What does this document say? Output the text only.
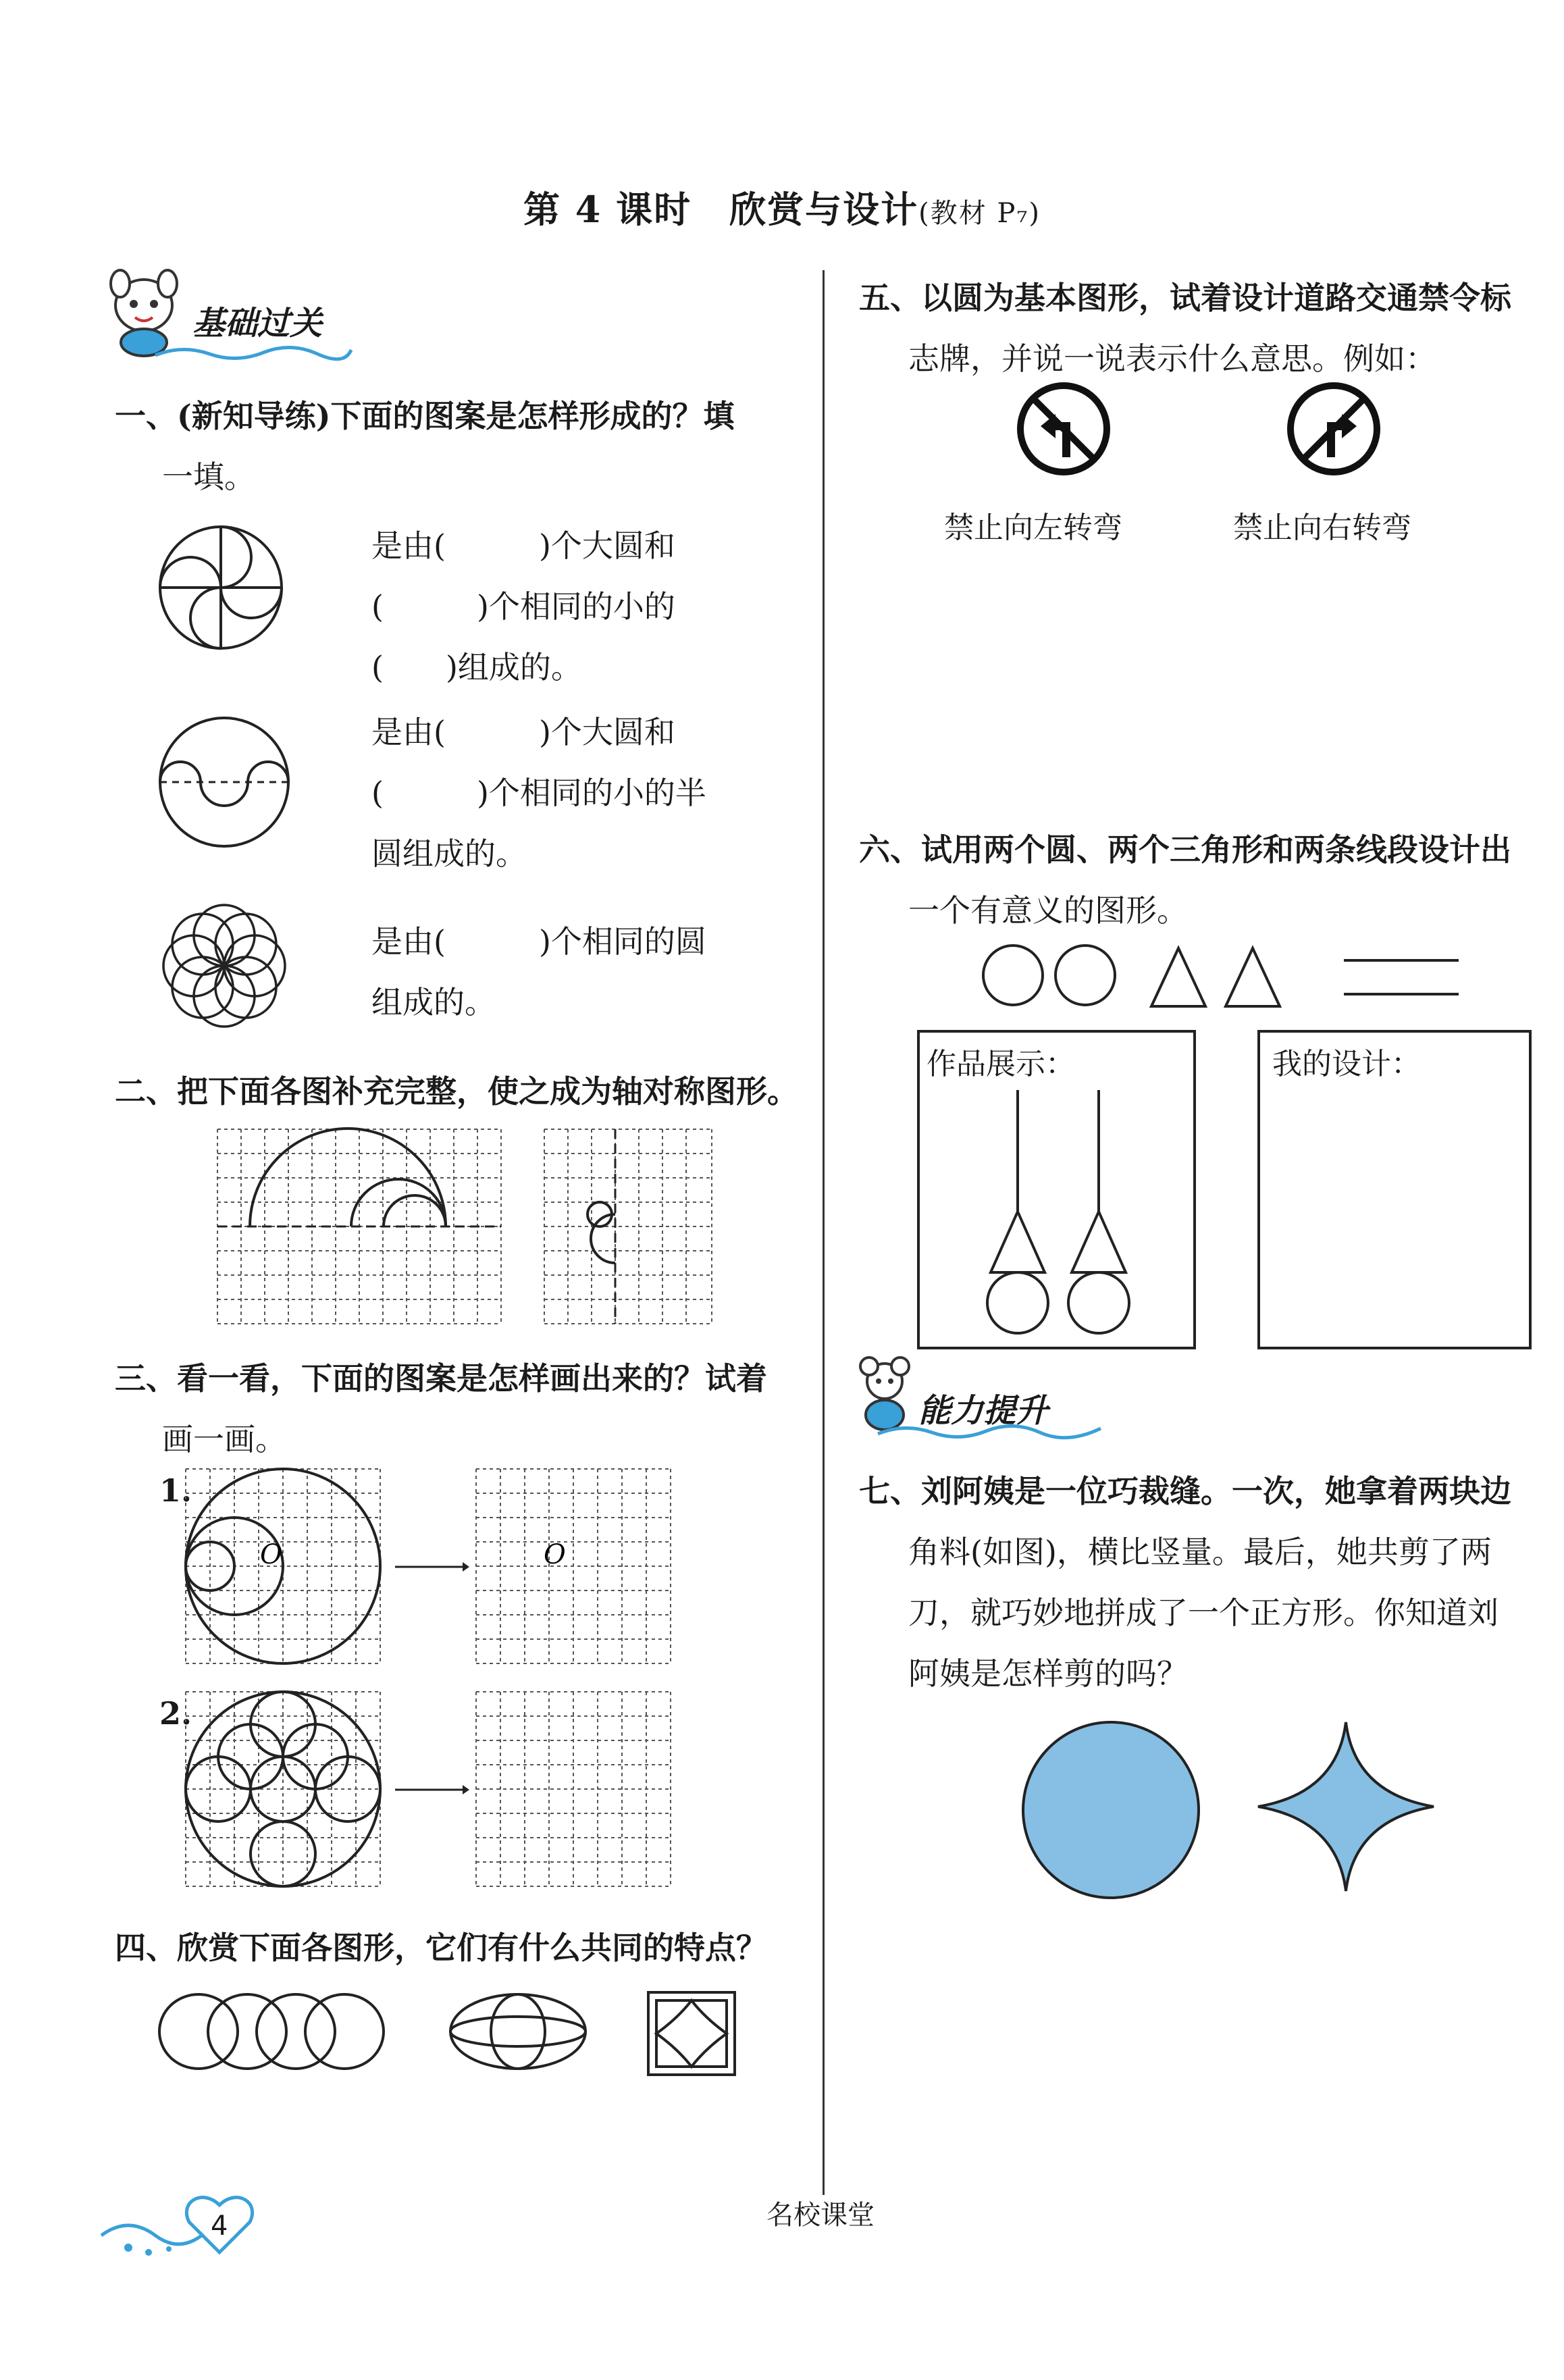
第 4 课时　欣赏与设计(教材 P₇)
基础过关
一、(新知导练)下面的图案是怎样形成的？填
一填。
是由(　　　)个大圆和
(　　　)个相同的小的
(　　)组成的。
是由(　　　)个大圆和
(　　　)个相同的小的半
圆组成的。
是由(　　　)个相同的圆
组成的。
二、把下面各图补充完整，使之成为轴对称图形。
三、看一看，下面的图案是怎样画出来的？试着
画一画。
1.
O	O
2.
四、欣赏下面各图形，它们有什么共同的特点？
4	名校课堂
五、以圆为基本图形，试着设计道路交通禁令标
志牌，并说一说表示什么意思。例如：
禁止向左转弯	禁止向右转弯
六、试用两个圆、两个三角形和两条线段设计出
一个有意义的图形。
作品展示：	我的设计：
能力提升
七、刘阿姨是一位巧裁缝。一次，她拿着两块边
角料(如图)，横比竖量。最后，她共剪了两
刀，就巧妙地拼成了一个正方形。你知道刘
阿姨是怎样剪的吗？
